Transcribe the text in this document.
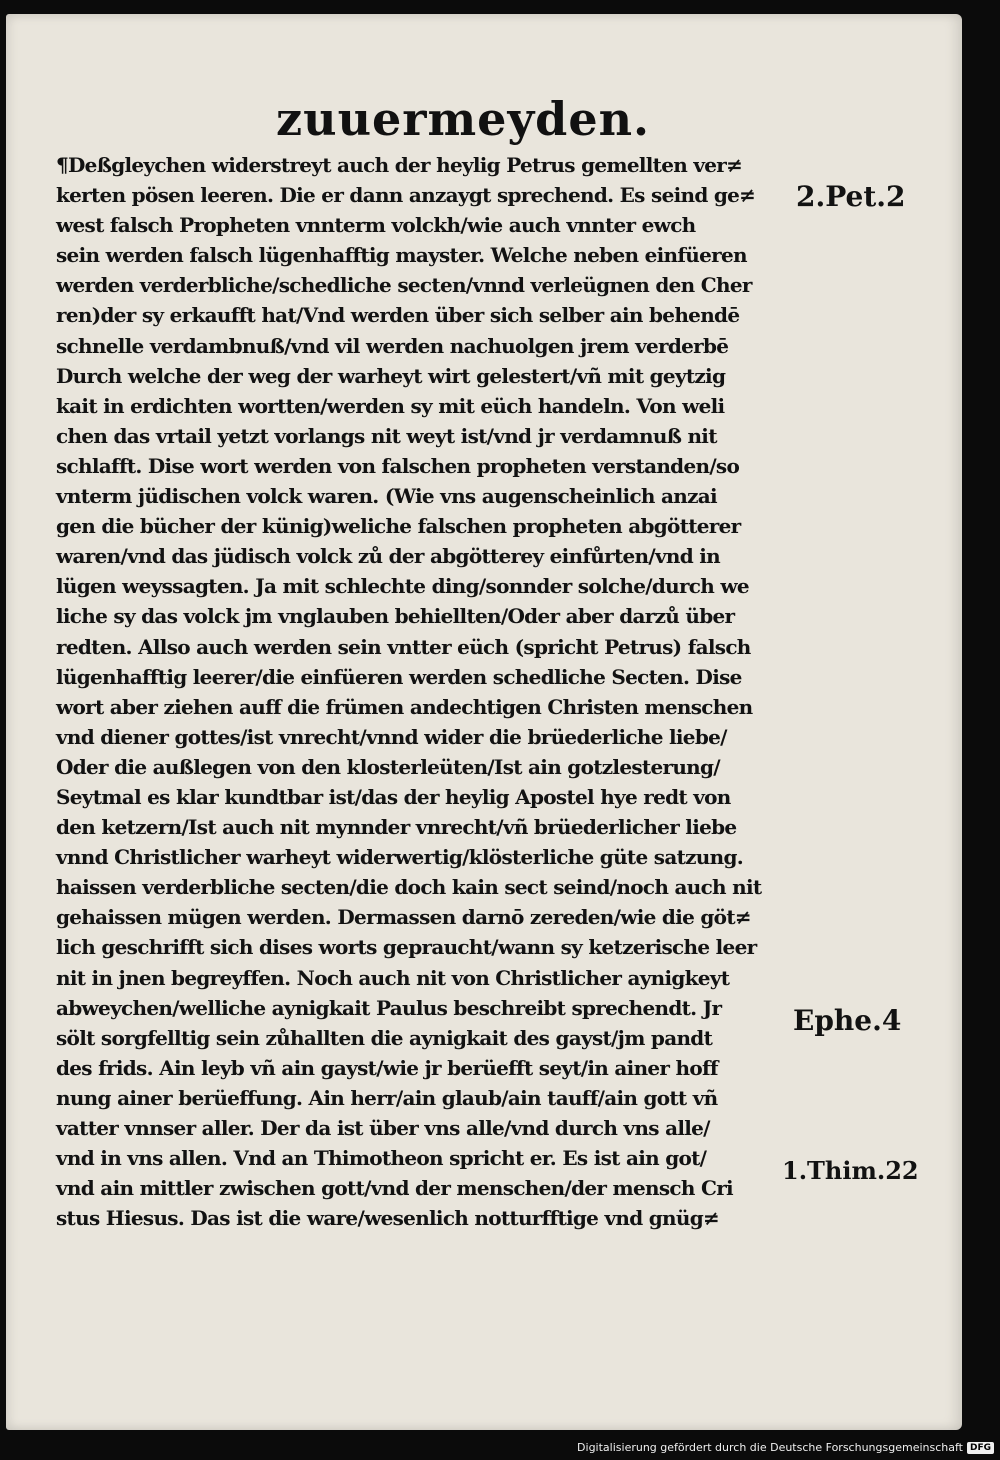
zuuermeyden.
¶Deßgleychen widerstreyt auch der heylig Petrus gemellten ver≠
kerten pösen leeren. Die er dann anzaygt sprechend. Es seind ge≠
west falsch Propheten vnnterm volckh/wie auch vnnter ewch
sein werden falsch lügenhafftig mayster. Welche neben einfüeren
werden verderbliche/schedliche secten/vnnd verleügnen den Cher
ren)der sy erkaufft hat/Vnd werden über sich selber ain behendē
schnelle verdambnuß/vnd vil werden nachuolgen jrem verderbē
Durch welche der weg der warheyt wirt gelestert/vñ mit geytzig
kait in erdichten wortten/werden sy mit eüch handeln. Von weli
chen das vrtail yetzt vorlangs nit weyt ist/vnd jr verdamnuß nit
schlafft. Dise wort werden von falschen propheten verstanden/so
vnterm jüdischen volck waren. (Wie vns augenscheinlich anzai
gen die bücher der künig)weliche falschen propheten abgötterer
waren/vnd das jüdisch volck zů der abgötterey einfůrten/vnd in
lügen weyssagten. Ja mit schlechte ding/sonnder solche/durch we
liche sy das volck jm vnglauben behiellten/Oder aber darzů über
redten. Allso auch werden sein vntter eüch (spricht Petrus) falsch
lügenhafftig leerer/die einfüeren werden schedliche Secten. Dise
wort aber ziehen auff die frümen andechtigen Christen menschen
vnd diener gottes/ist vnrecht/vnnd wider die brüederliche liebe/
Oder die außlegen von den klosterleüten/Ist ain gotzlesterung/
Seytmal es klar kundtbar ist/das der heylig Apostel hye redt von
den ketzern/Ist auch nit mynnder vnrecht/vñ brüederlicher liebe
vnnd Christlicher warheyt widerwertig/klösterliche güte satzung.
haissen verderbliche secten/die doch kain sect seind/noch auch nit
gehaissen mügen werden. Dermassen darnō zereden/wie die göt≠
lich geschrifft sich dises worts gepraucht/wann sy ketzerische leer
nit in jnen begreyffen. Noch auch nit von Christlicher aynigkeyt
abweychen/welliche aynigkait Paulus beschreibt sprechendt. Jr
sölt sorgfelltig sein zůhallten die aynigkait des gayst/jm pandt
des frids. Ain leyb vñ ain gayst/wie jr berüefft seyt/in ainer hoff
nung ainer berüeffung. Ain herr/ain glaub/ain tauff/ain gott vñ
vatter vnnser aller. Der da ist über vns alle/vnd durch vns alle/
vnd in vns allen. Vnd an Thimotheon spricht er. Es ist ain got/
vnd ain mittler zwischen gott/vnd der menschen/der mensch Cri
stus Hiesus. Das ist die ware/wesenlich notturfftige vnd gnüg≠
2.Pet.2
Ephe.4
1.Thim.22
Digitalisierung gefördert durch die Deutsche Forschungsgemeinschaft DFG
